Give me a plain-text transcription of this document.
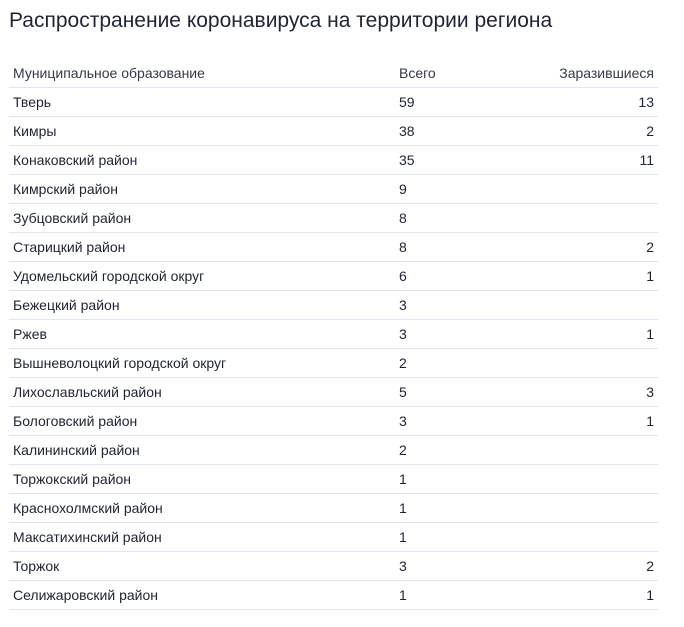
Распространение коронавируса на территории региона
Муниципальное образование	Всего	Заразившиеся
Тверь	59	13
Кимры	38	2
Конаковский район	35	11
Кимрский район	9	
Зубцовский район	8	
Старицкий район	8	2
Удомельский городской округ	6	1
Бежецкий район	3	
Ржев	3	1
Вышневолоцкий городской округ	2	
Лихославльский район	5	3
Бологовский район	3	1
Калининский район	2	
Торжокский район	1	
Краснохолмский район	1	
Максатихинский район	1	
Торжок	3	2
Селижаровский район	1	1
